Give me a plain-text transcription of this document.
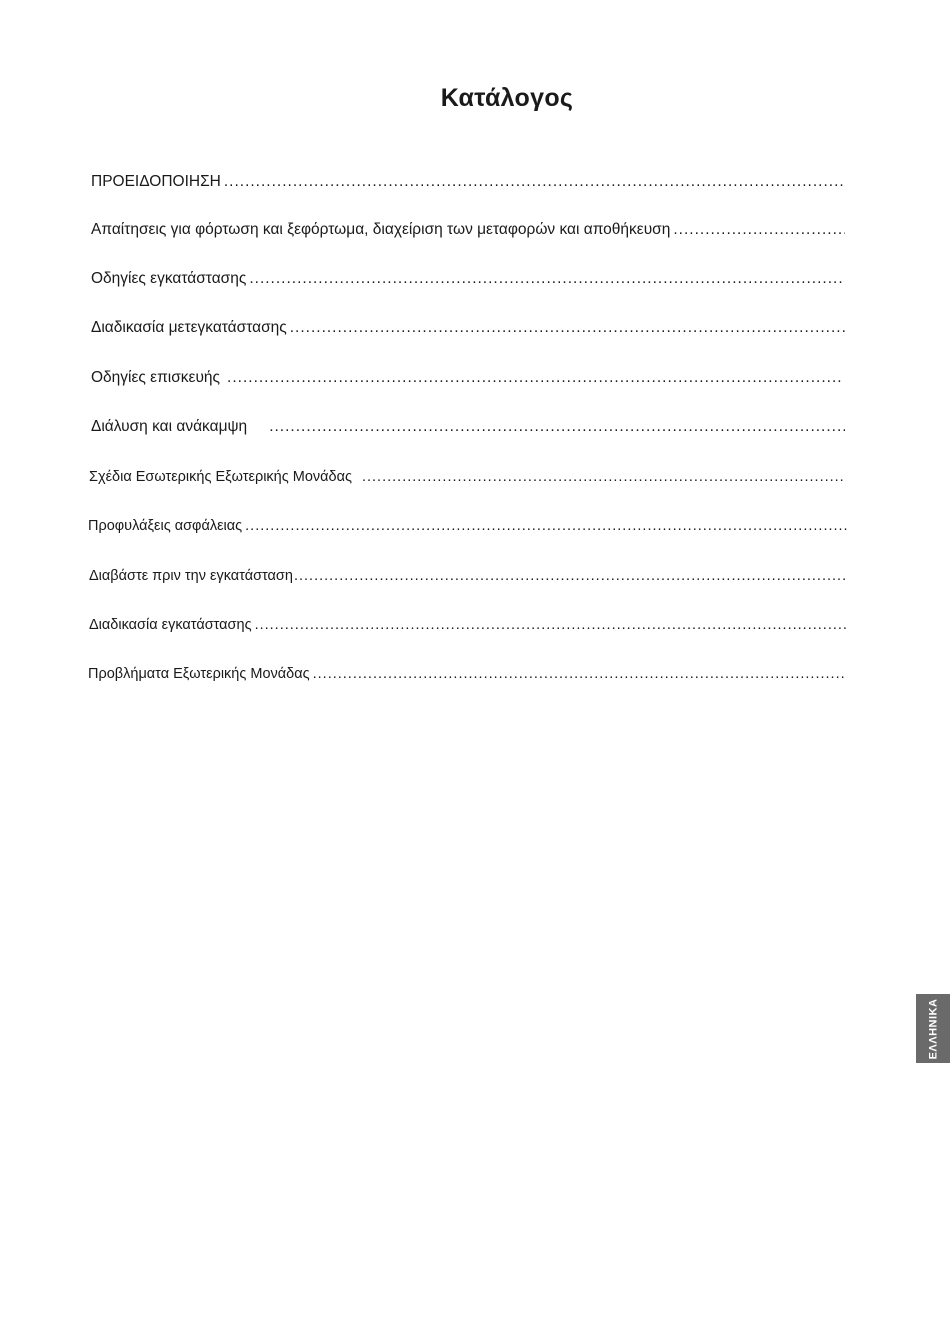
Κατάλογος
ΠΡΟΕΙΔΟΠΟΙΗΣΗ
.....
Απαίτησεις για φόρτωση και ξεφόρτωμα, διαχείριση των μεταφορών και αποθήκευση
.....
Οδηγίες εγκατάστασης
.....
Διαδικασία μετεγκατάστασης
.....
Οδηγίες επισκευής
.....
Διάλυση και ανάκαμψη
.....
Σχέδια Εσωτερικής Εξωτερικής Μονάδας
.....
Προφυλάξεις ασφάλειας
.....
Διαβάστε πριν την εγκατάσταση
.....
Διαδικασία εγκατάστασης
.....
Προβλήματα Εξωτερικής Μονάδας
.....
ΕΛΛΗΝΙΚΑ
